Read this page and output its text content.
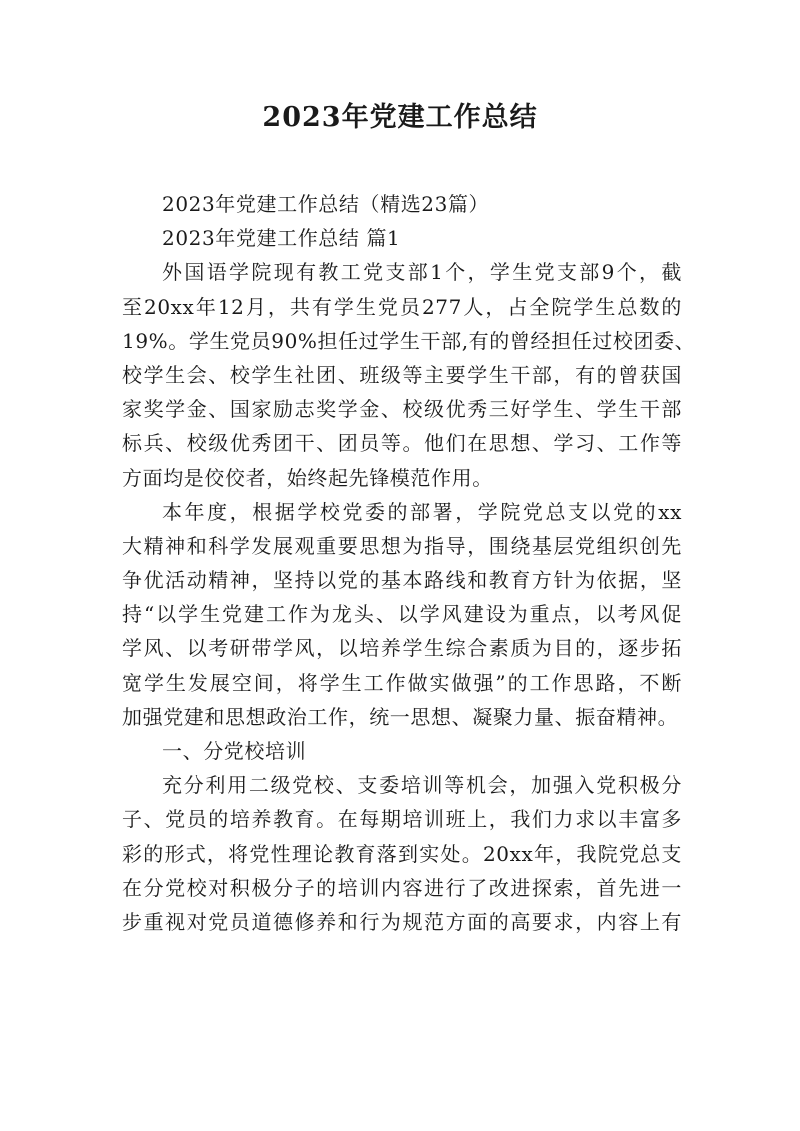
2023年党建工作总结
2023年党建工作总结（精选23篇）
2023年党建工作总结 篇1
外国语学院现有教工党支部1个，学生党支部9个，截
至20xx年12月，共有学生党员277人，占全院学生总数的
19%。学生党员90%担任过学生干部,有的曾经担任过校团委、
校学生会、校学生社团、班级等主要学生干部，有的曾获国
家奖学金、国家励志奖学金、校级优秀三好学生、学生干部
标兵、校级优秀团干、团员等。他们在思想、学习、工作等
方面均是佼佼者，始终起先锋模范作用。
本年度，根据学校党委的部署，学院党总支以党的xx
大精神和科学发展观重要思想为指导，围绕基层党组织创先
争优活动精神，坚持以党的基本路线和教育方针为依据，坚
持“以学生党建工作为龙头、以学风建设为重点，以考风促
学风、以考研带学风，以培养学生综合素质为目的，逐步拓
宽学生发展空间，将学生工作做实做强”的工作思路，不断
加强党建和思想政治工作，统一思想、凝聚力量、振奋精神。
一、分党校培训
充分利用二级党校、支委培训等机会，加强入党积极分
子、党员的培养教育。在每期培训班上，我们力求以丰富多
彩的形式，将党性理论教育落到实处。20xx年，我院党总支
在分党校对积极分子的培训内容进行了改进探索，首先进一
步重视对党员道德修养和行为规范方面的高要求，内容上有
